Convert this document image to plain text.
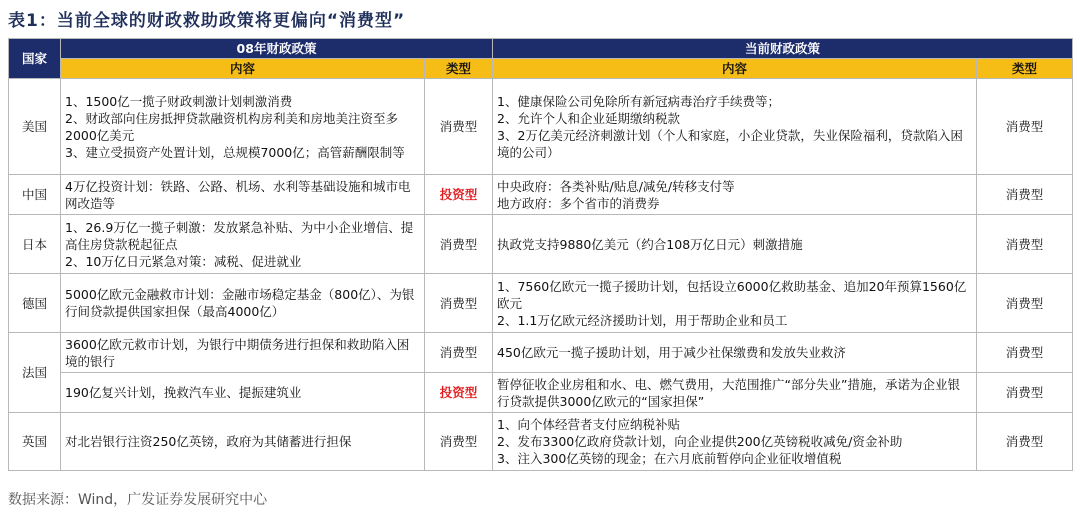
表1：当前全球的财政救助政策将更偏向“消费型”
国家	08年财政政策		当前财政政策	
	内容	类型	内容	类型
美国	1、1500亿一揽子财政刺激计划刺激消费
2、财政部向住房抵押贷款融资机构房利美和房地美注资至多2000亿美元
3、建立受损资产处置计划，总规模7000亿；高管薪酬限制等	消费型	1、健康保险公司免除所有新冠病毒治疗手续费等；
2、允许个人和企业延期缴纳税款
3、2万亿美元经济刺激计划（个人和家庭，小企业贷款，失业保险福利，贷款陷入困境的公司）	消费型
中国	4万亿投资计划：铁路、公路、机场、水利等基础设施和城市电网改造等	投资型	中央政府：各类补贴/贴息/减免/转移支付等
地方政府：多个省市的消费券	消费型
日本	1、26.9万亿一揽子刺激：发放紧急补贴、为中小企业增信、提高住房贷款税起征点
2、10万亿日元紧急对策：减税、促进就业	消费型	执政党支持9880亿美元（约合108万亿日元）刺激措施	消费型
德国	5000亿欧元金融救市计划：金融市场稳定基金（800亿）、为银行间贷款提供国家担保（最高4000亿）	消费型	1、7560亿欧元一揽子援助计划，包括设立6000亿救助基金、追加20年预算1560亿欧元
2、1.1万亿欧元经济援助计划，用于帮助企业和员工	消费型
法国	3600亿欧元救市计划，为银行中期债务进行担保和救助陷入困境的银行	消费型	450亿欧元一揽子援助计划，用于减少社保缴费和发放失业救济	消费型

	190亿复兴计划，挽救汽车业、提振建筑业	投资型	暂停征收企业房租和水、电、燃气费用，大范围推广“部分失业”措施，承诺为企业银行贷款提供3000亿欧元的“国家担保”	消费型
英国	对北岩银行注资250亿英镑，政府为其储蓄进行担保	消费型	1、向个体经营者支付应纳税补贴
2、发布3300亿政府贷款计划，向企业提供200亿英镑税收减免/资金补助
3、注入300亿英镑的现金；在六月底前暂停向企业征收增值税	消费型
数据来源：Wind，广发证券发展研究中心
